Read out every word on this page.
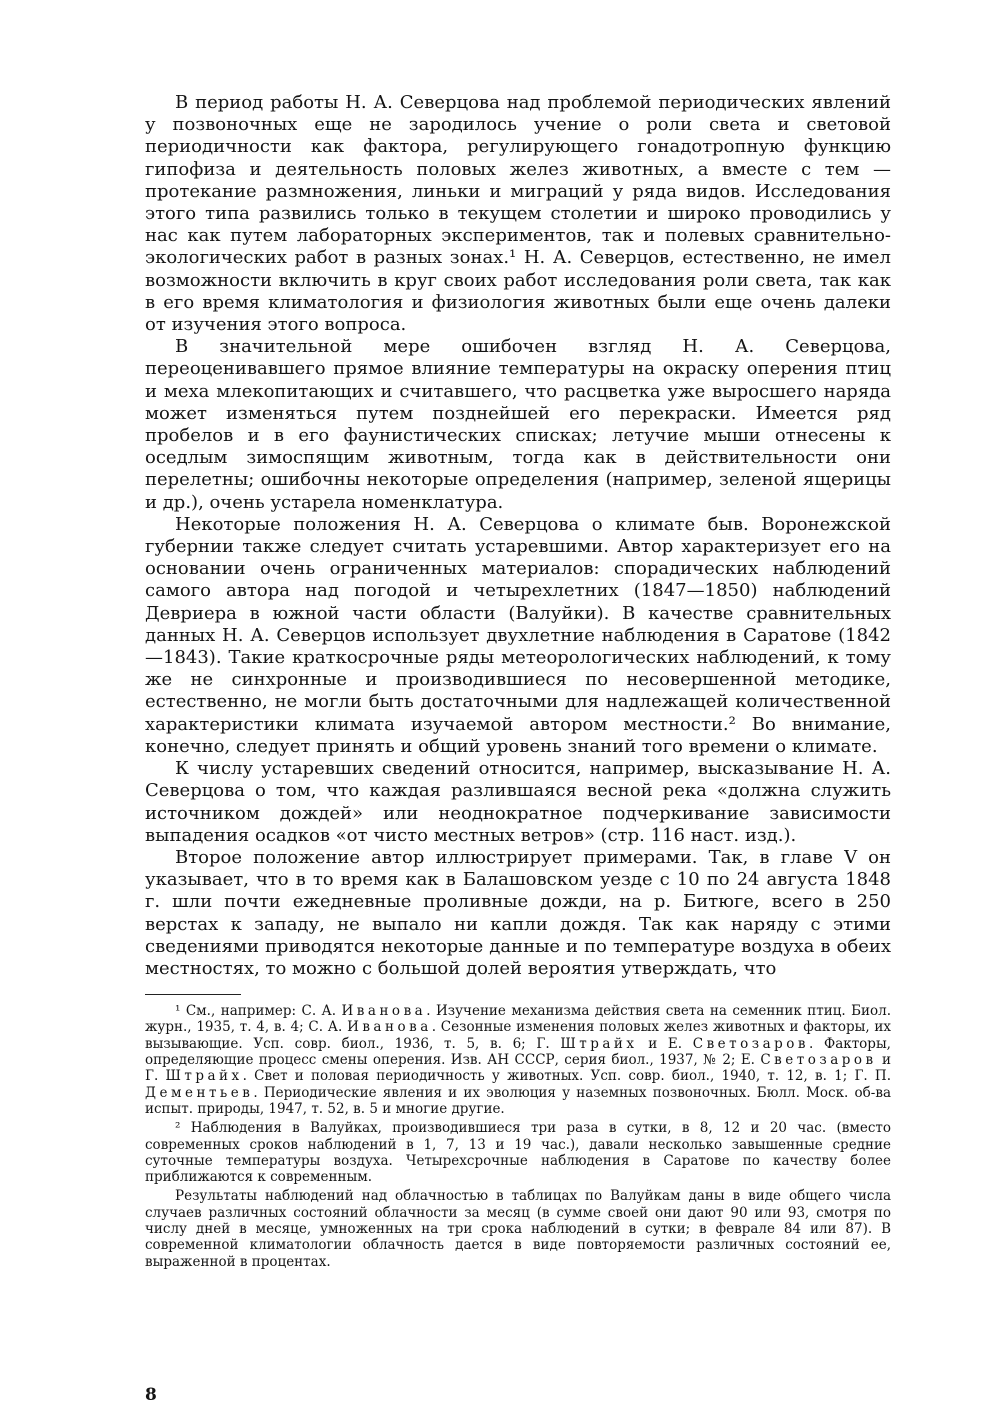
В период работы Н. А. Северцова над проблемой периодических явлений у позвоночных еще не зародилось учение о роли света и световой периодичности как фактора, регулирующего гонадотропную функцию гипофиза и деятельность половых желез животных, а вместе с тем — протекание размножения, линьки и миграций у ряда видов. Исследования этого типа развились только в текущем столетии и широко проводились у нас как путем лабораторных экспериментов, так и полевых сравнительно-экологических работ в разных зонах.¹ Н. А. Северцов, естественно, не имел возможности включить в круг своих работ исследования роли света, так как в его время климатология и физиология животных были еще очень далеки от изучения этого вопроса.

В значительной мере ошибочен взгляд Н. А. Северцова, переоценивавшего прямое влияние температуры на окраску оперения птиц и меха млекопитающих и считавшего, что расцветка уже выросшего наряда может изменяться путем позднейшей его перекраски. Имеется ряд пробелов и в его фаунистических списках; летучие мыши отнесены к оседлым зимоспящим животным, тогда как в действительности они перелетны; ошибочны некоторые определения (например, зеленой ящерицы и др.), очень устарела номенклатура.

Некоторые положения Н. А. Северцова о климате быв. Воронежской губернии также следует считать устаревшими. Автор характеризует его на основании очень ограниченных материалов: спорадических наблюдений самого автора над погодой и четырехлетних (1847—1850) наблюдений Девриера в южной части области (Валуйки). В качестве сравнительных данных Н. А. Северцов использует двухлетние наблюдения в Саратове (1842—1843). Такие краткосрочные ряды метеорологических наблюдений, к тому же не синхронные и производившиеся по несовершенной методике, естественно, не могли быть достаточными для надлежащей количественной характеристики климата изучаемой автором местности.² Во внимание, конечно, следует принять и общий уровень знаний того времени о климате.

К числу устаревших сведений относится, например, высказывание Н. А. Северцова о том, что каждая разлившаяся весной река «должна служить источником дождей» или неоднократное подчеркивание зависимости выпадения осадков «от чисто местных ветров» (стр. 116 наст. изд.).

Второе положение автор иллюстрирует примерами. Так, в главе V он указывает, что в то время как в Балашовском уезде с 10 по 24 августа 1848 г. шли почти ежедневные проливные дожди, на р. Битюге, всего в 250 верстах к западу, не выпало ни капли дождя. Так как наряду с этими сведениями приводятся некоторые данные и по температуре воздуха в обеих местностях, то можно с большой долей вероятия утверждать, что

¹ См., например: С. А. Иванова. Изучение механизма действия света на семенник птиц. Биол. журн., 1935, т. 4, в. 4; С. А. Иванова. Сезонные изменения половых желез животных и факторы, их вызывающие. Усп. совр. биол., 1936, т. 5, в. 6; Г. Штрайх и Е. Светозаров. Факторы, определяющие процесс смены оперения. Изв. АН СССР, серия биол., 1937, № 2; Е. Светозаров и Г. Штрайх. Свет и половая периодичность у животных. Усп. совр. биол., 1940, т. 12, в. 1; Г. П. Дементьев. Периодические явления и их эволюция у наземных позвоночных. Бюлл. Моск. об-ва испыт. природы, 1947, т. 52, в. 5 и многие другие.

² Наблюдения в Валуйках, производившиеся три раза в сутки, в 8, 12 и 20 час. (вместо современных сроков наблюдений в 1, 7, 13 и 19 час.), давали несколько завышенные средние суточные температуры воздуха. Четырехсрочные наблюдения в Саратове по качеству более приближаются к современным.

Результаты наблюдений над облачностью в таблицах по Валуйкам даны в виде общего числа случаев различных состояний облачности за месяц (в сумме своей они дают 90 или 93, смотря по числу дней в месяце, умноженных на три срока наблюдений в сутки; в феврале 84 или 87). В современной климатологии облачность дается в виде повторяемости различных состояний ее, выраженной в процентах.

8
